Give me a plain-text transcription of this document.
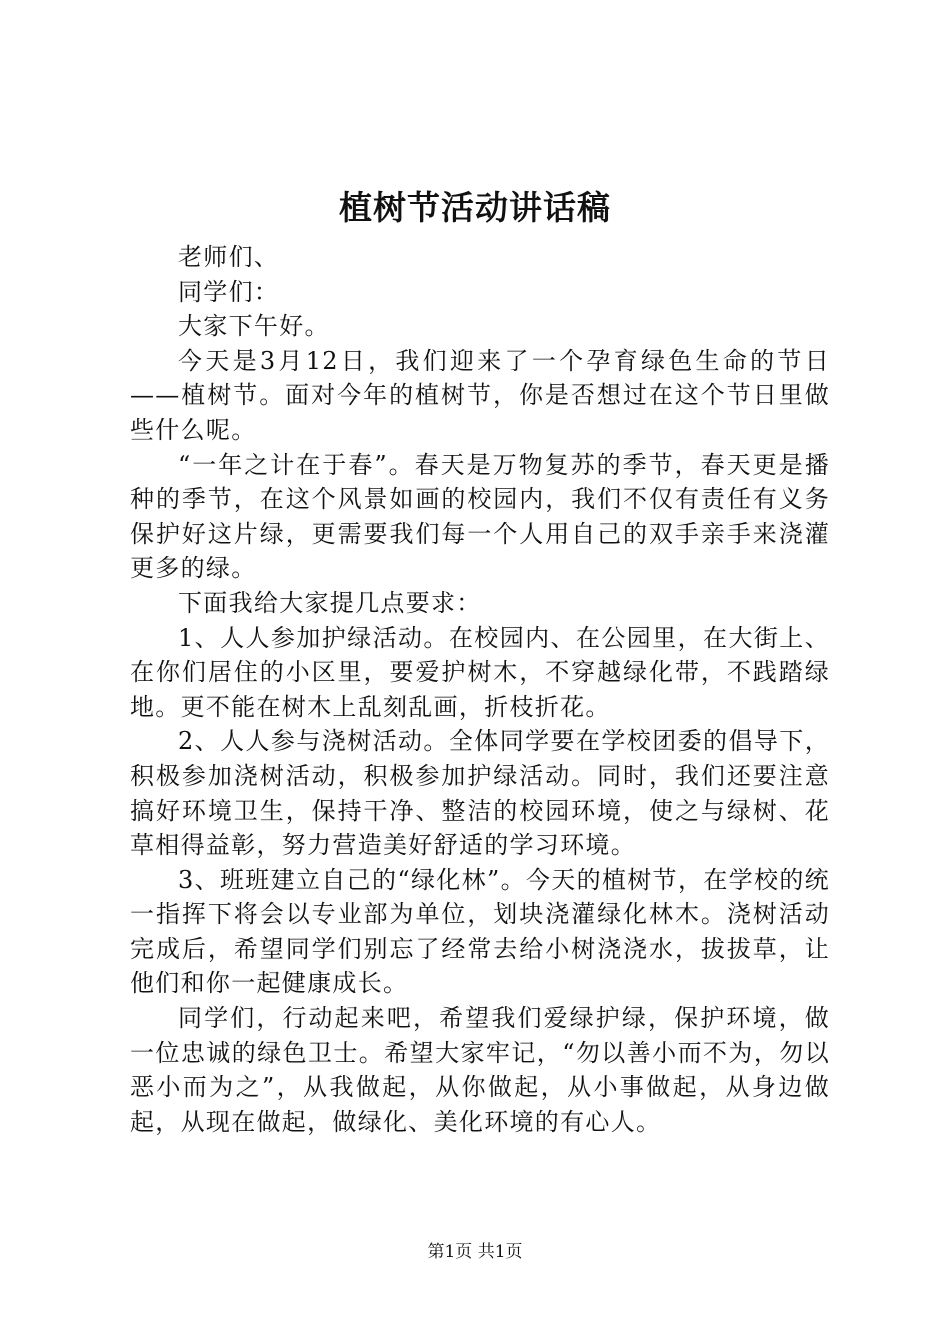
植树节活动讲话稿

老师们、

同学们：

大家下午好。

今天是3月12日，我们迎来了一个孕育绿色生命的节日——植树节。面对今年的植树节，你是否想过在这个节日里做些什么呢。

“一年之计在于春”。春天是万物复苏的季节，春天更是播种的季节，在这个风景如画的校园内，我们不仅有责任有义务保护好这片绿，更需要我们每一个人用自己的双手亲手来浇灌更多的绿。

下面我给大家提几点要求：

1、人人参加护绿活动。在校园内、在公园里，在大街上、在你们居住的小区里，要爱护树木，不穿越绿化带，不践踏绿地。更不能在树木上乱刻乱画，折枝折花。

2、人人参与浇树活动。全体同学要在学校团委的倡导下，积极参加浇树活动，积极参加护绿活动。同时，我们还要注意搞好环境卫生，保持干净、整洁的校园环境，使之与绿树、花草相得益彰，努力营造美好舒适的学习环境。

3、班班建立自己的“绿化林”。今天的植树节，在学校的统一指挥下将会以专业部为单位，划块浇灌绿化林木。浇树活动完成后，希望同学们别忘了经常去给小树浇浇水，拔拔草，让他们和你一起健康成长。

同学们，行动起来吧，希望我们爱绿护绿，保护环境，做一位忠诚的绿色卫士。希望大家牢记，“勿以善小而不为，勿以恶小而为之”，从我做起，从你做起，从小事做起，从身边做起，从现在做起，做绿化、美化环境的有心人。

第1页 共1页
